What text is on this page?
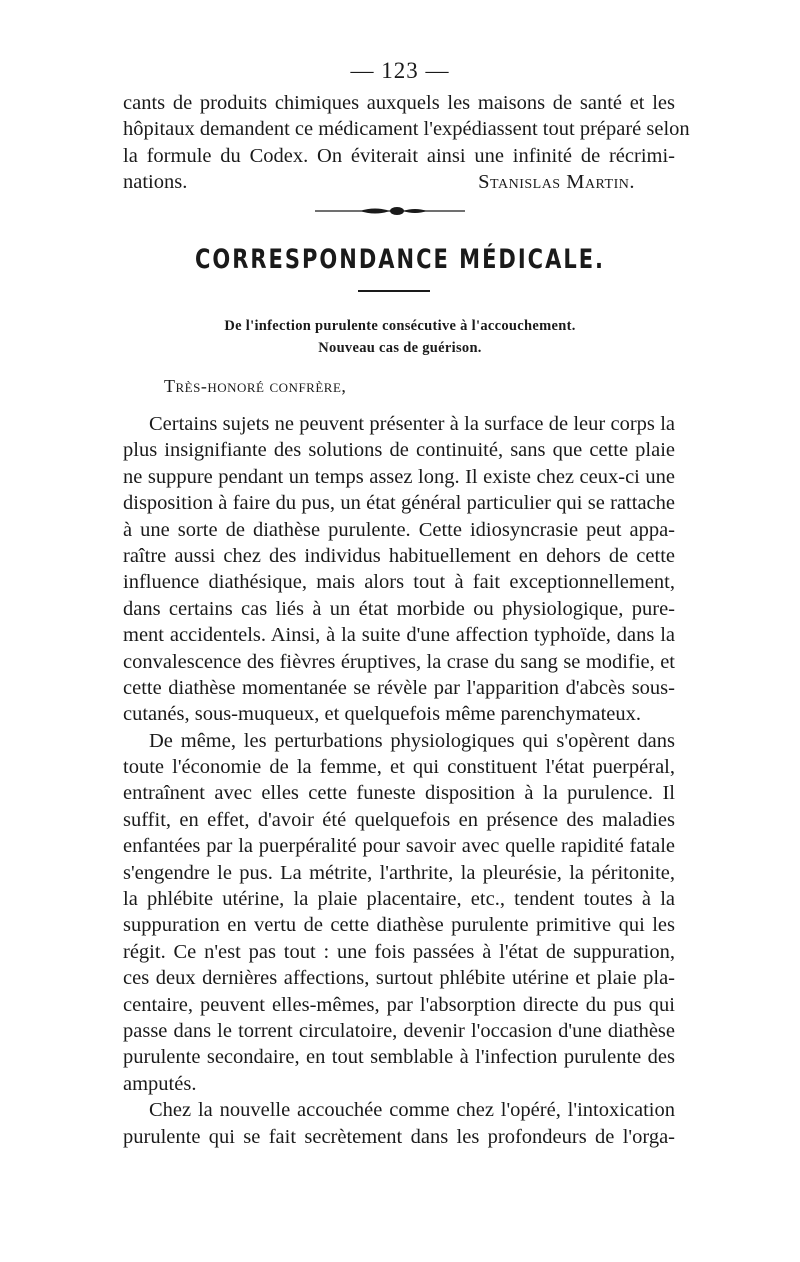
— 123 —
cants de produits chimiques auxquels les maisons de santé et les
hôpitaux demandent ce médicament l'expédiassent tout préparé selon
la formule du Codex. On éviterait ainsi une infinité de récrimi-
nations.	Stanislas Martin.
CORRESPONDANCE MÉDICALE.
De l'infection purulente consécutive à l'accouchement.
Nouveau cas de guérison.
Très-honoré confrère,
Certains sujets ne peuvent présenter à la surface de leur corps la
plus insignifiante des solutions de continuité, sans que cette plaie
ne suppure pendant un temps assez long. Il existe chez ceux-ci une
disposition à faire du pus, un état général particulier qui se rattache
à une sorte de diathèse purulente. Cette idiosyncrasie peut appa-
raître aussi chez des individus habituellement en dehors de cette
influence diathésique, mais alors tout à fait exceptionnellement,
dans certains cas liés à un état morbide ou physiologique, pure-
ment accidentels. Ainsi, à la suite d'une affection typhoïde, dans la
convalescence des fièvres éruptives, la crase du sang se modifie, et
cette diathèse momentanée se révèle par l'apparition d'abcès sous-
cutanés, sous-muqueux, et quelquefois même parenchymateux.
De même, les perturbations physiologiques qui s'opèrent dans
toute l'économie de la femme, et qui constituent l'état puerpéral,
entraînent avec elles cette funeste disposition à la purulence. Il
suffit, en effet, d'avoir été quelquefois en présence des maladies
enfantées par la puerpéralité pour savoir avec quelle rapidité fatale
s'engendre le pus. La métrite, l'arthrite, la pleurésie, la péritonite,
la phlébite utérine, la plaie placentaire, etc., tendent toutes à la
suppuration en vertu de cette diathèse purulente primitive qui les
régit. Ce n'est pas tout : une fois passées à l'état de suppuration,
ces deux dernières affections, surtout phlébite utérine et plaie pla-
centaire, peuvent elles-mêmes, par l'absorption directe du pus qui
passe dans le torrent circulatoire, devenir l'occasion d'une diathèse
purulente secondaire, en tout semblable à l'infection purulente des
amputés.
Chez la nouvelle accouchée comme chez l'opéré, l'intoxication
purulente qui se fait secrètement dans les profondeurs de l'orga-
